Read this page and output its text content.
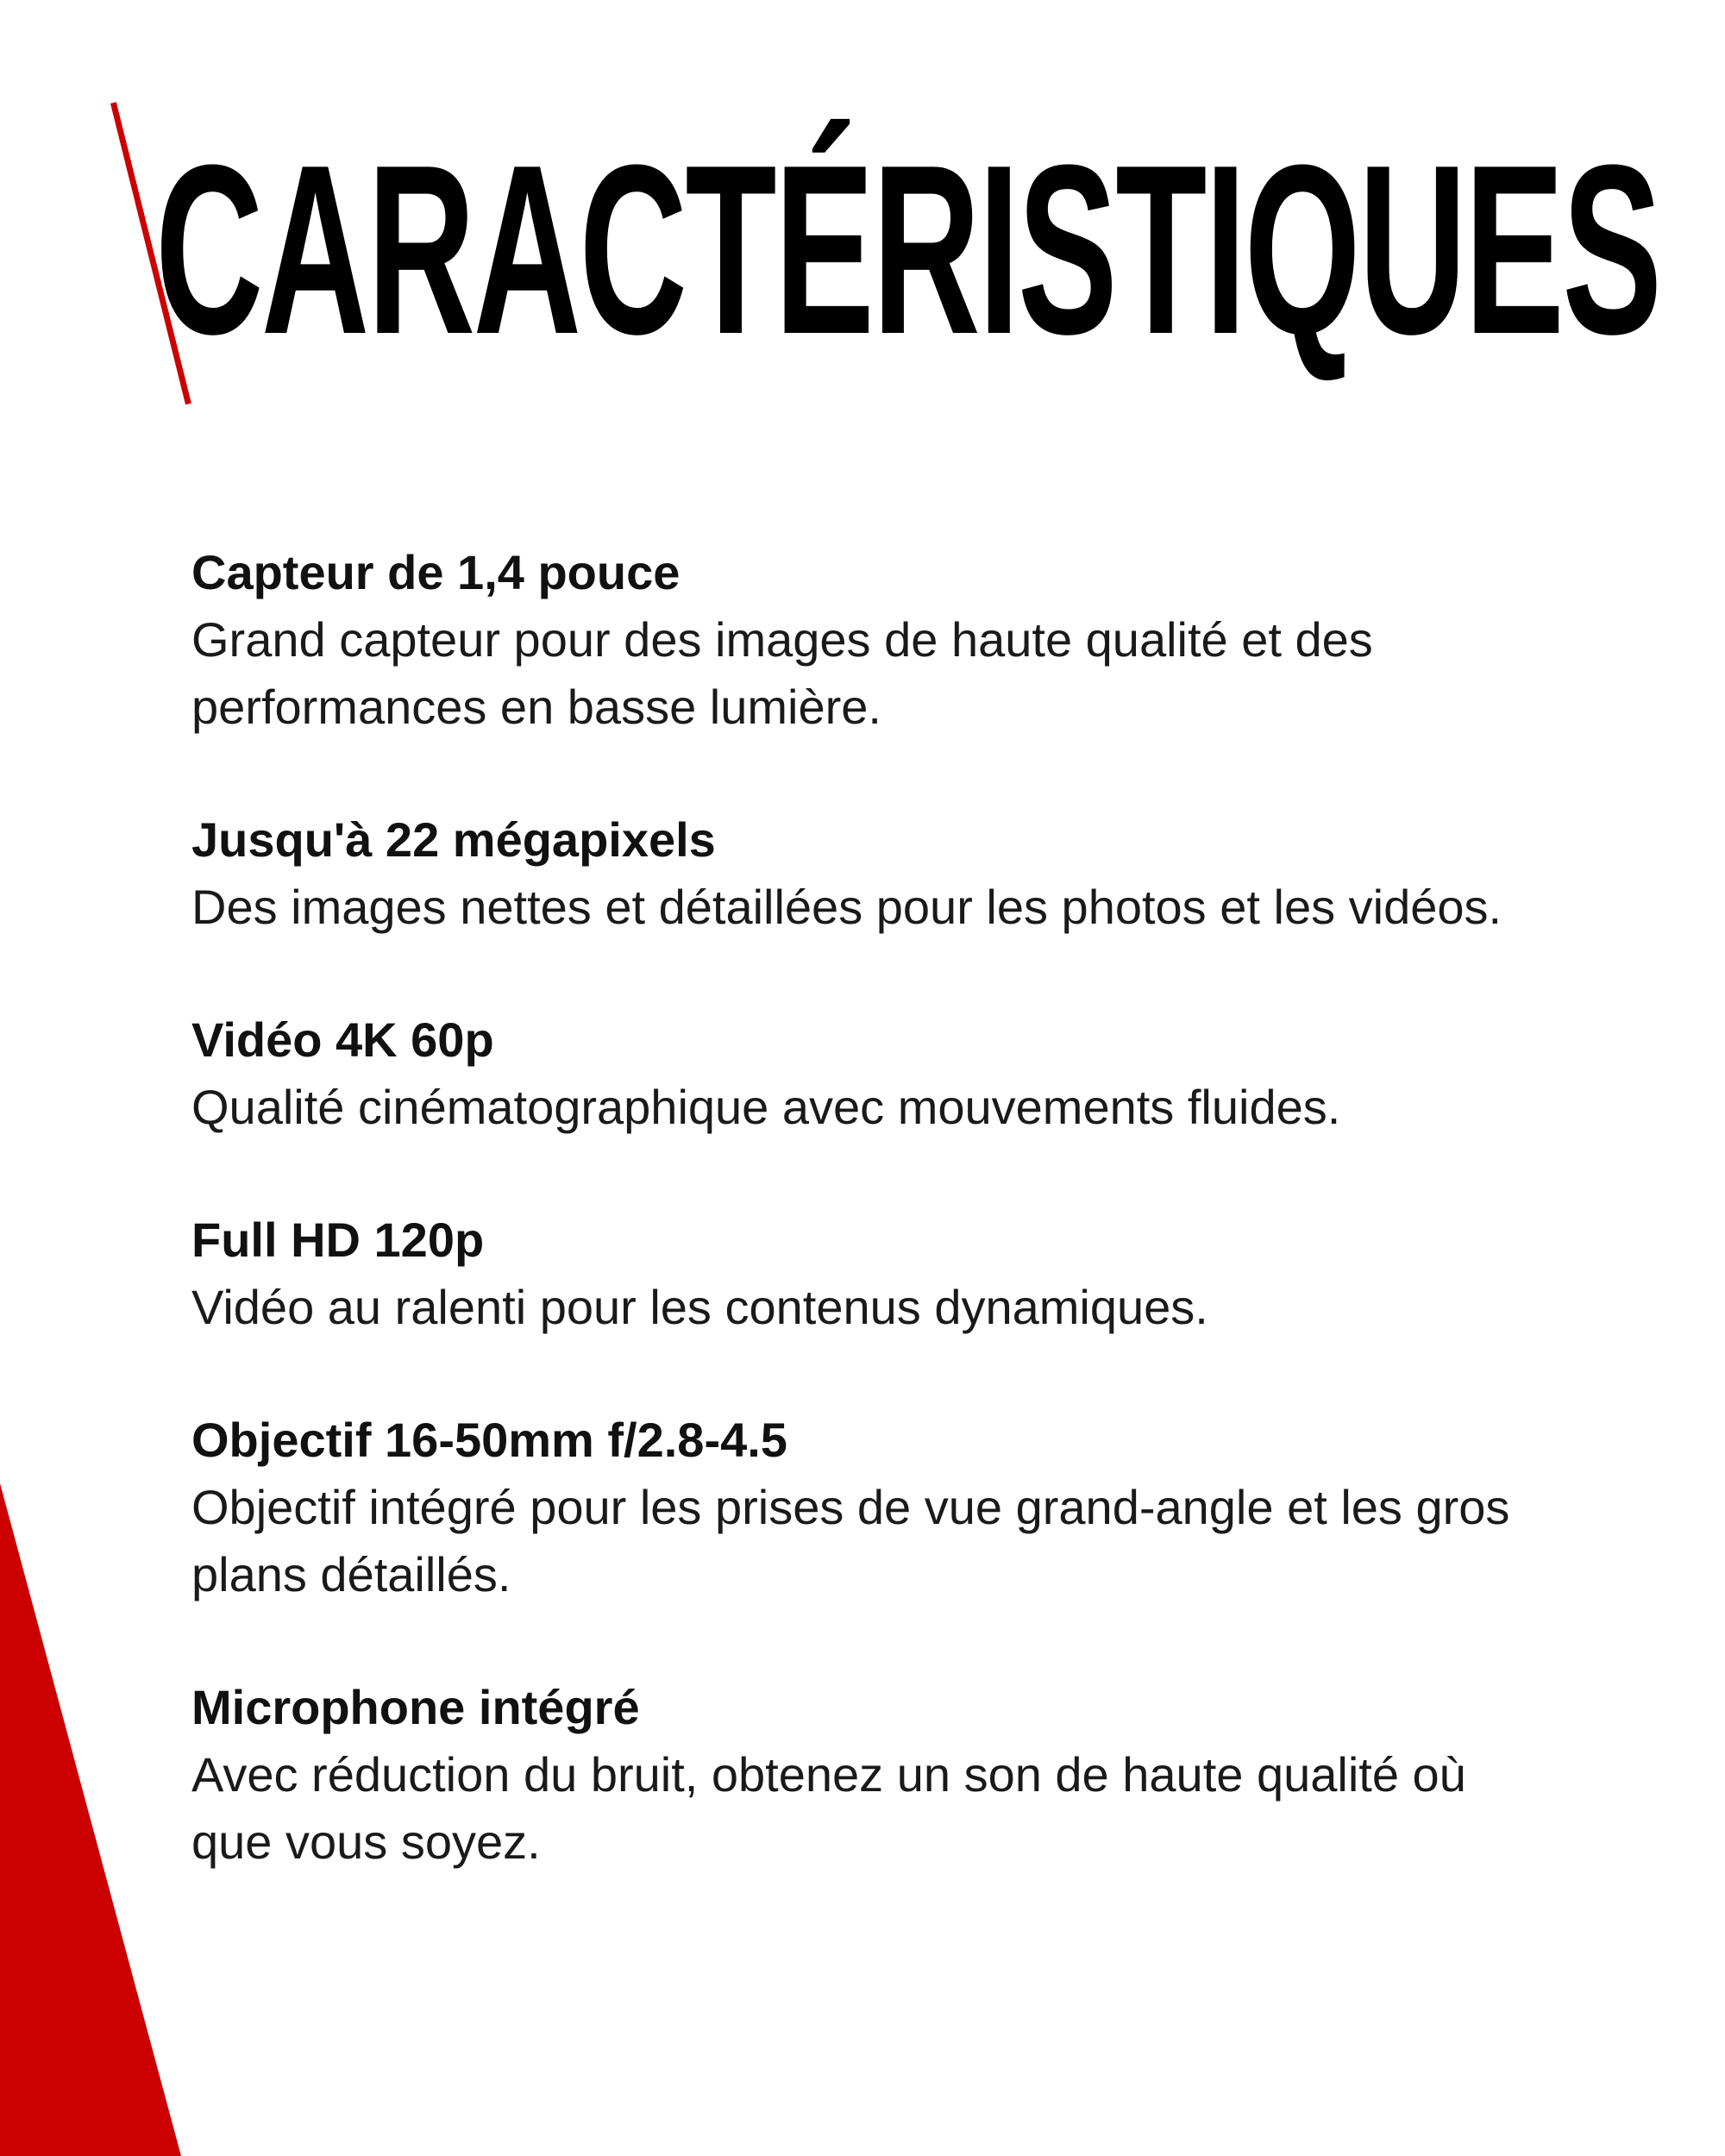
CARACTÉRISTIQUES

Capteur de 1,4 pouce

Grand capteur pour des images de haute qualité et des performances en basse lumière.

Jusqu'à 22 mégapixels

Des images nettes et détaillées pour les photos et les vidéos.

Vidéo 4K 60p

Qualité cinématographique avec mouvements fluides.

Full HD 120p

Vidéo au ralenti pour les contenus dynamiques.

Objectif 16-50mm f/2.8-4.5

Objectif intégré pour les prises de vue grand-angle et les gros plans détaillés.

Microphone intégré

Avec réduction du bruit, obtenez un son de haute qualité où que vous soyez.
